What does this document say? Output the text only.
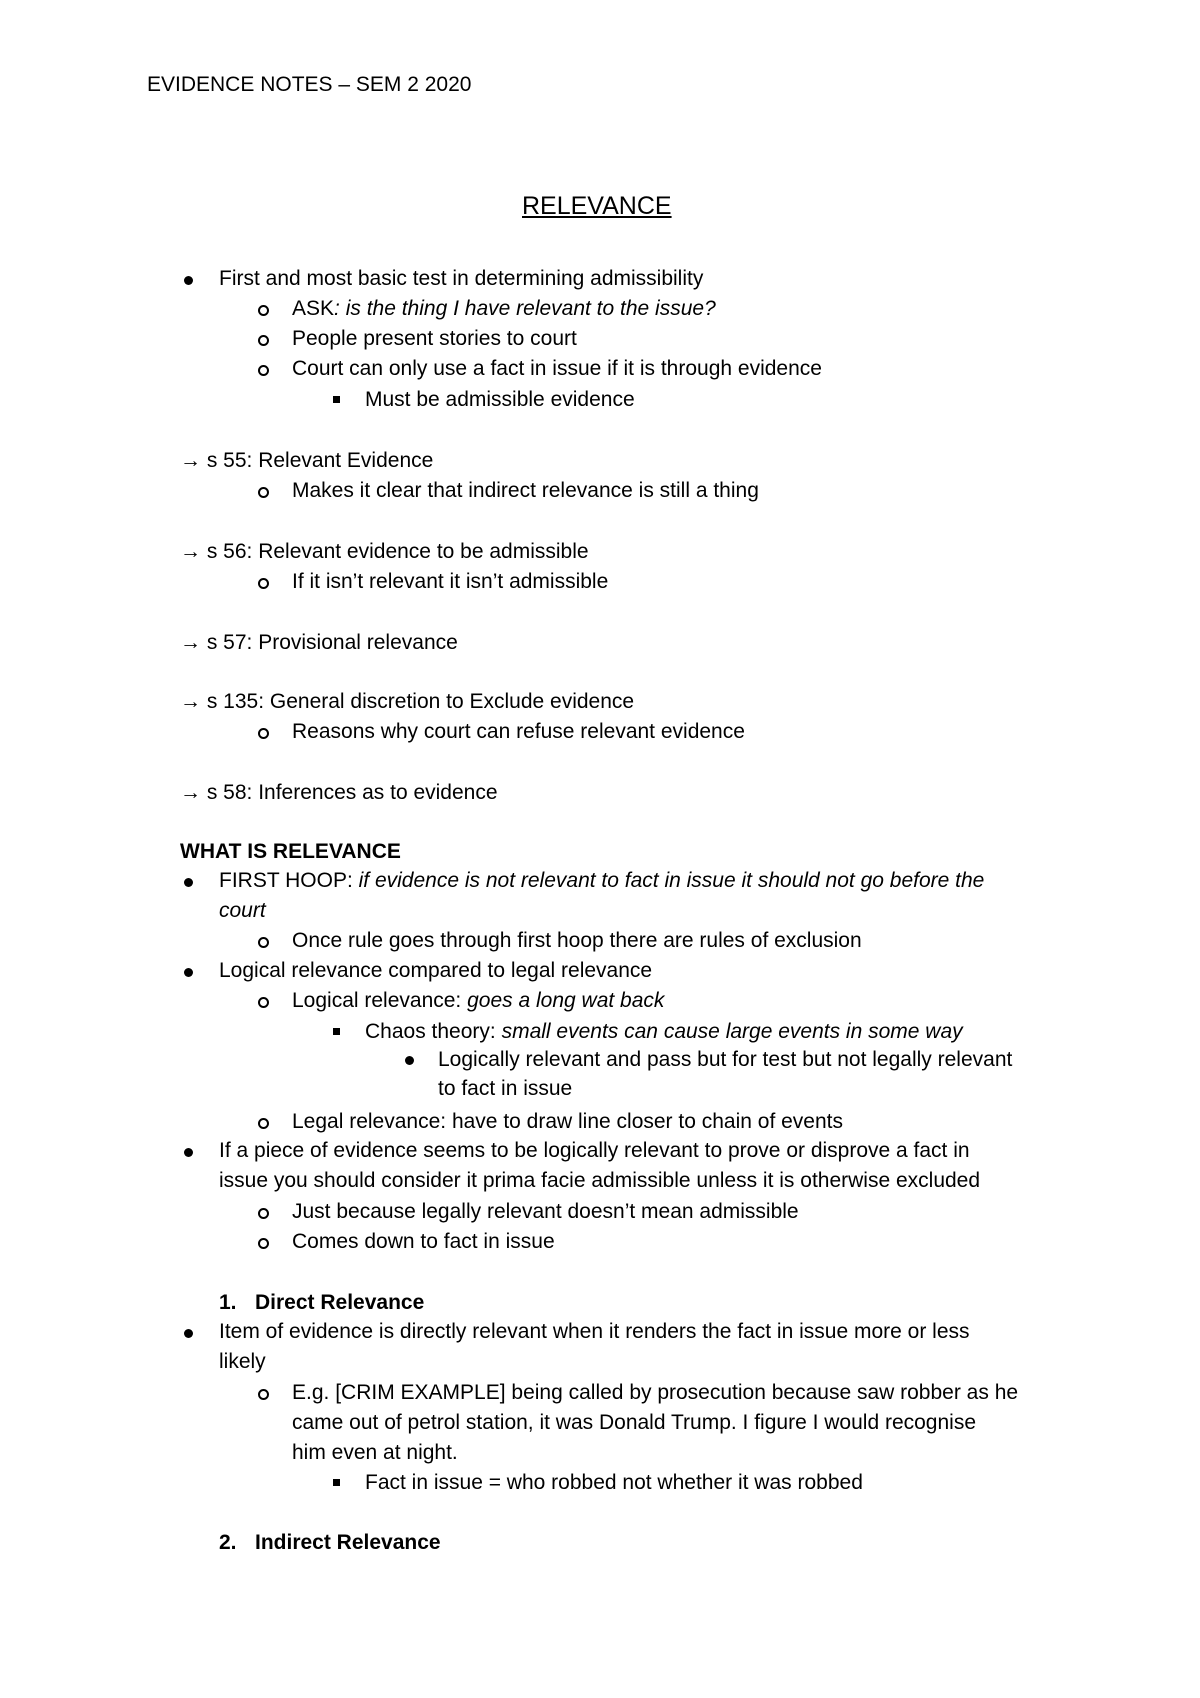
EVIDENCE NOTES – SEM 2 2020
RELEVANCE
First and most basic test in determining admissibility
ASK: is the thing I have relevant to the issue?
People present stories to court
Court can only use a fact in issue if it is through evidence
Must be admissible evidence
→ s 55: Relevant Evidence
Makes it clear that indirect relevance is still a thing
→ s 56: Relevant evidence to be admissible
If it isn’t relevant it isn’t admissible
→ s 57: Provisional relevance
→ s 135: General discretion to Exclude evidence
Reasons why court can refuse relevant evidence
→ s 58: Inferences as to evidence
WHAT IS RELEVANCE
FIRST HOOP: if evidence is not relevant to fact in issue it should not go before the
court
Once rule goes through first hoop there are rules of exclusion
Logical relevance compared to legal relevance
Logical relevance: goes a long wat back
Chaos theory: small events can cause large events in some way
Logically relevant and pass but for test but not legally relevant
to fact in issue
Legal relevance: have to draw line closer to chain of events
If a piece of evidence seems to be logically relevant to prove or disprove a fact in
issue you should consider it prima facie admissible unless it is otherwise excluded
Just because legally relevant doesn’t mean admissible
Comes down to fact in issue
1. Direct Relevance
Item of evidence is directly relevant when it renders the fact in issue more or less
likely
E.g. [CRIM EXAMPLE] being called by prosecution because saw robber as he
came out of petrol station, it was Donald Trump. I figure I would recognise
him even at night.
Fact in issue = who robbed not whether it was robbed
2. Indirect Relevance
